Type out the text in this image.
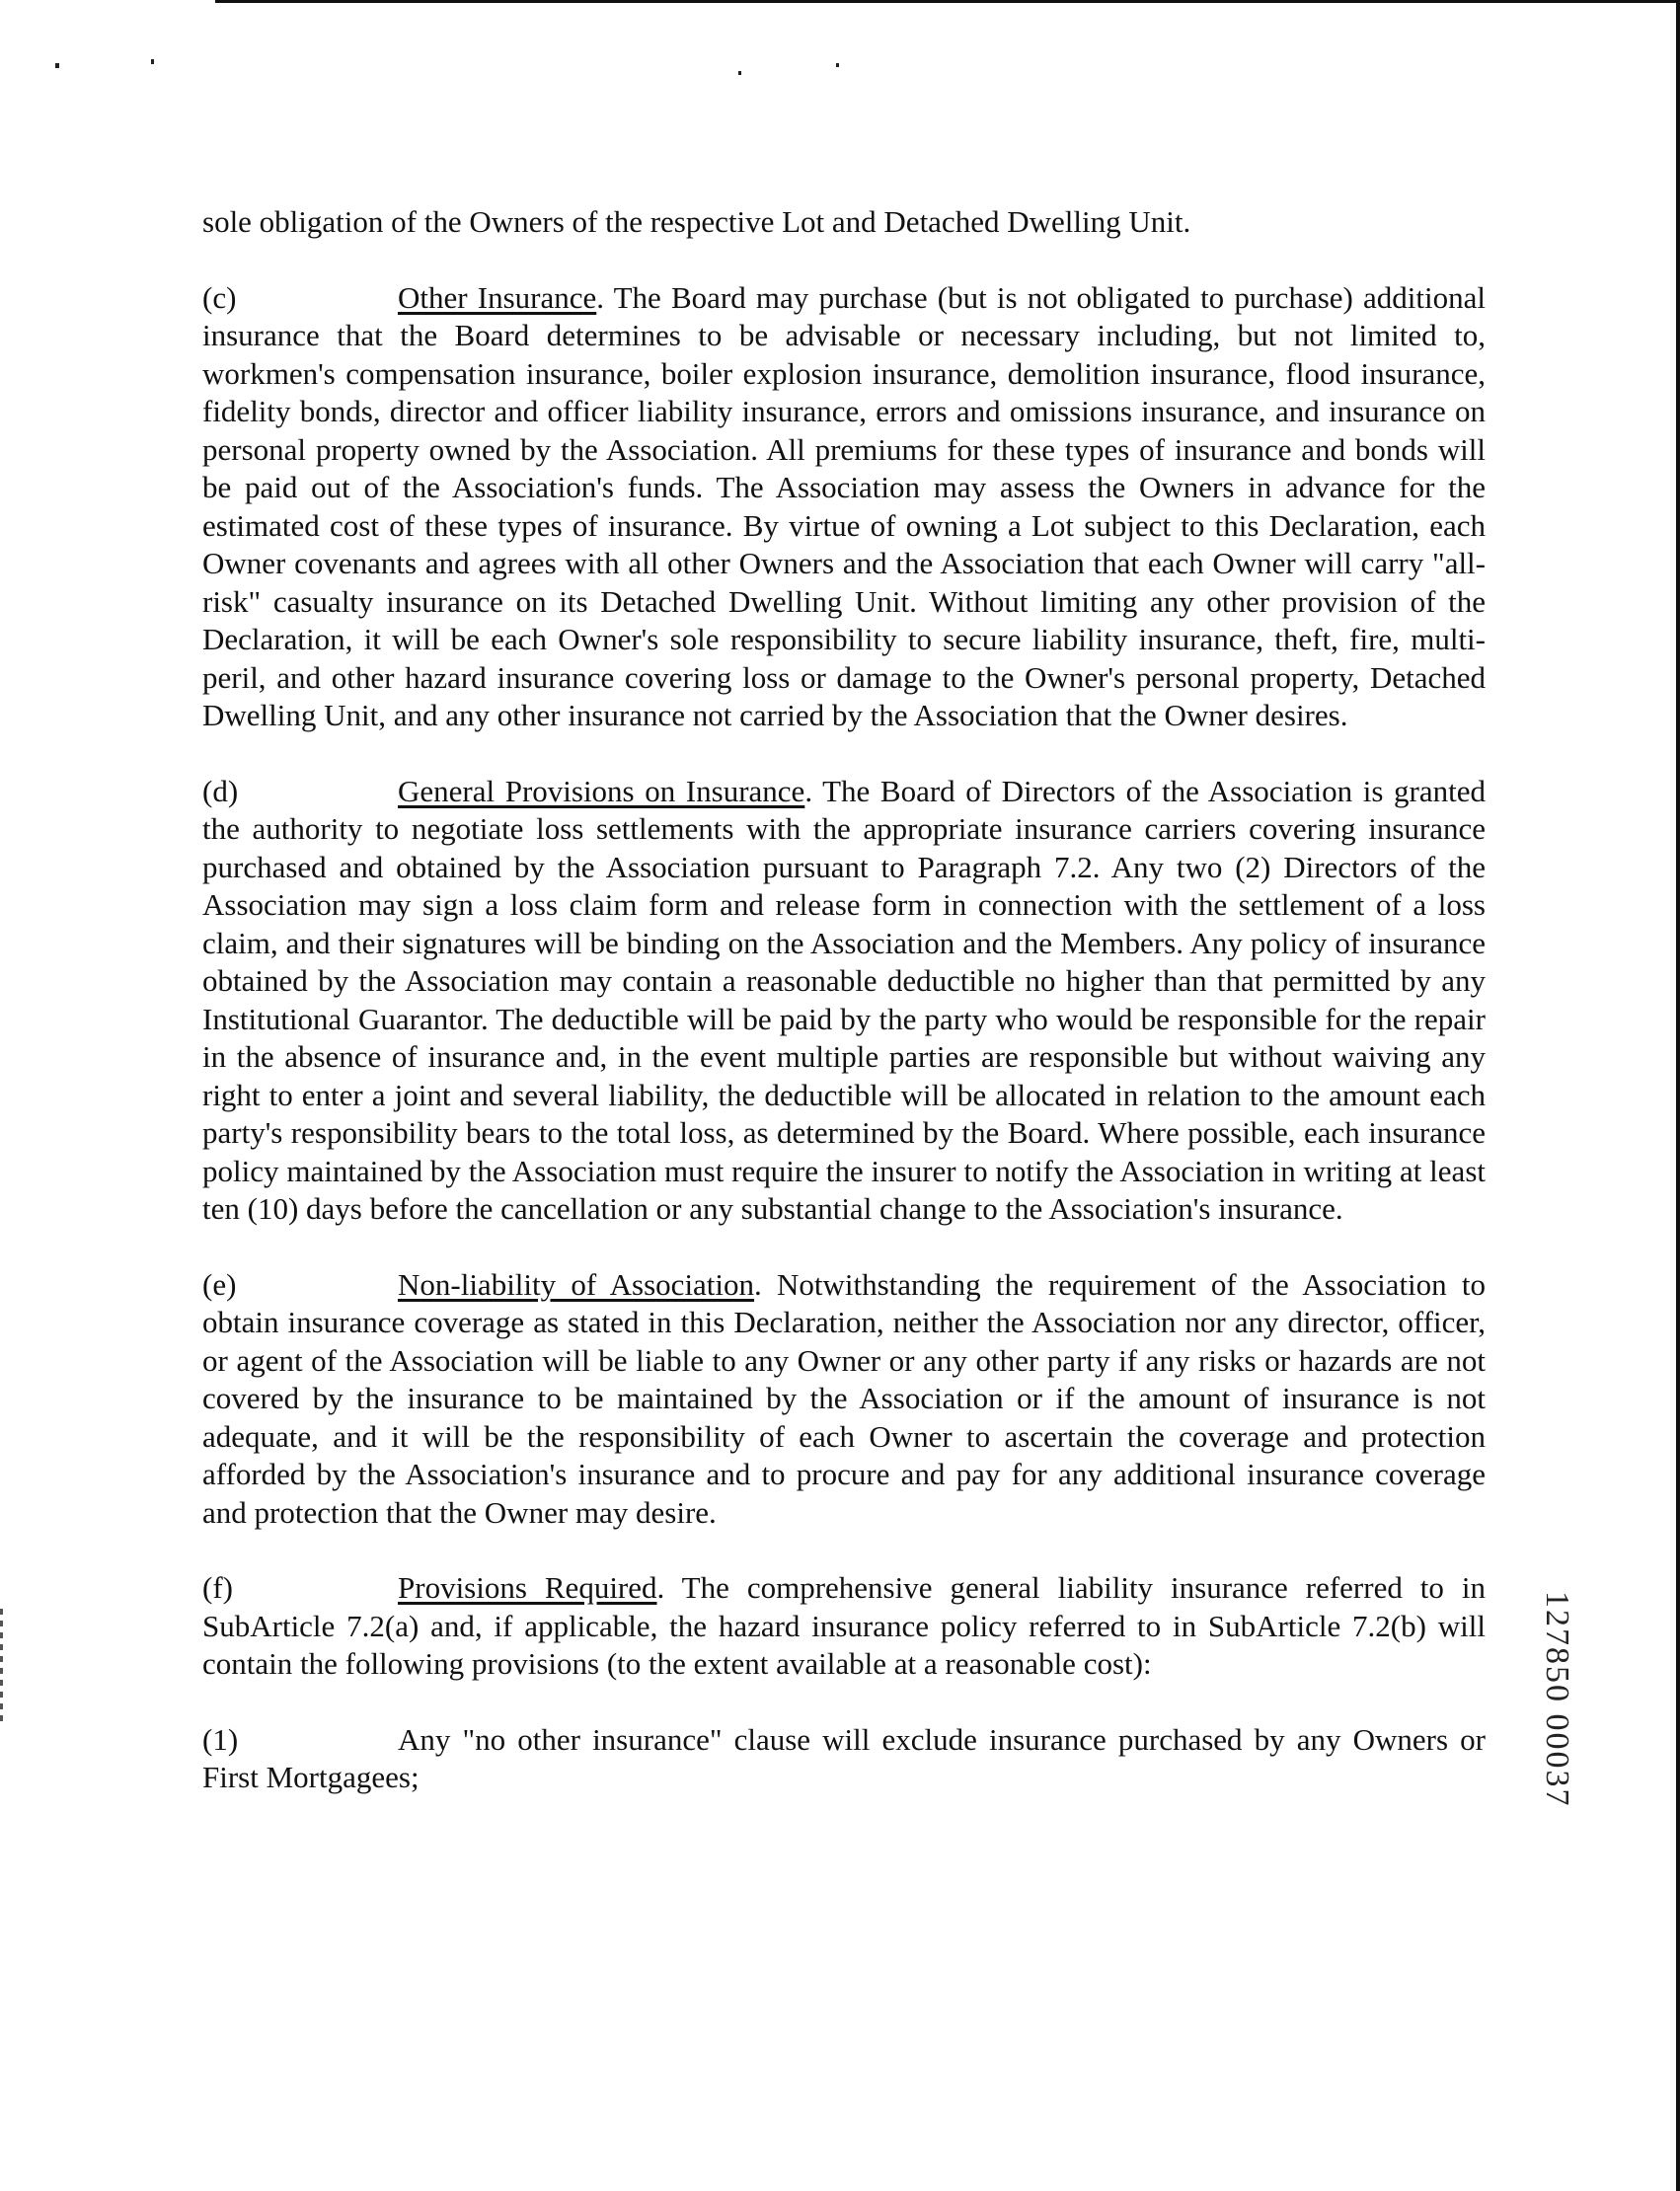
sole obligation of the Owners of the respective Lot and Detached Dwelling Unit.

(c)	Other Insurance. The Board may purchase (but is not obligated to purchase) additional insurance that the Board determines to be advisable or necessary including, but not limited to, workmen's compensation insurance, boiler explosion insurance, demolition insurance, flood insurance, fidelity bonds, director and officer liability insurance, errors and omissions insurance, and insurance on personal property owned by the Association. All premiums for these types of insurance and bonds will be paid out of the Association's funds. The Association may assess the Owners in advance for the estimated cost of these types of insurance. By virtue of owning a Lot subject to this Declaration, each Owner covenants and agrees with all other Owners and the Association that each Owner will carry "all-risk" casualty insurance on its Detached Dwelling Unit. Without limiting any other provision of the Declaration, it will be each Owner's sole responsibility to secure liability insurance, theft, fire, multi-peril, and other hazard insurance covering loss or damage to the Owner's personal property, Detached Dwelling Unit, and any other insurance not carried by the Association that the Owner desires.

(d)	General Provisions on Insurance. The Board of Directors of the Association is granted the authority to negotiate loss settlements with the appropriate insurance carriers covering insurance purchased and obtained by the Association pursuant to Paragraph 7.2. Any two (2) Directors of the Association may sign a loss claim form and release form in connection with the settlement of a loss claim, and their signatures will be binding on the Association and the Members. Any policy of insurance obtained by the Association may contain a reasonable deductible no higher than that permitted by any Institutional Guarantor. The deductible will be paid by the party who would be responsible for the repair in the absence of insurance and, in the event multiple parties are responsible but without waiving any right to enter a joint and several liability, the deductible will be allocated in relation to the amount each party's responsibility bears to the total loss, as determined by the Board. Where possible, each insurance policy maintained by the Association must require the insurer to notify the Association in writing at least ten (10) days before the cancellation or any substantial change to the Association's insurance.

(e)	Non-liability of Association. Notwithstanding the requirement of the Association to obtain insurance coverage as stated in this Declaration, neither the Association nor any director, officer, or agent of the Association will be liable to any Owner or any other party if any risks or hazards are not covered by the insurance to be maintained by the Association or if the amount of insurance is not adequate, and it will be the responsibility of each Owner to ascertain the coverage and protection afforded by the Association's insurance and to procure and pay for any additional insurance coverage and protection that the Owner may desire.

(f)	Provisions Required. The comprehensive general liability insurance referred to in SubArticle 7.2(a) and, if applicable, the hazard insurance policy referred to in SubArticle 7.2(b) will contain the following provisions (to the extent available at a reasonable cost):

(1)	Any "no other insurance" clause will exclude insurance purchased by any Owners or First Mortgagees;	127850 00037
